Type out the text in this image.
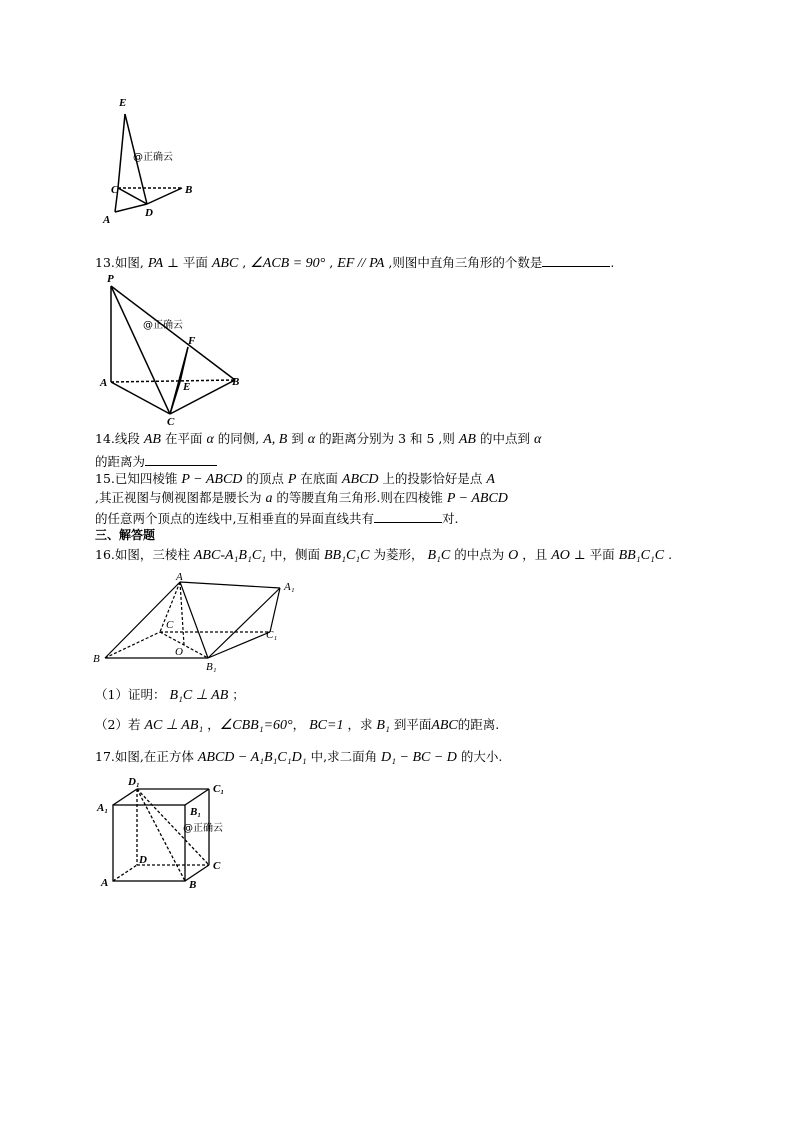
E
@正确云
C	B
D
A
13.如图, PA ⊥ 平面 ABC , ∠ACB = 90° , EF // PA ,则图中直角三角形的个数是	.
P
@正确云
F
A	E	B
C
14.线段 AB 在平面 α 的同侧, A, B 到 α 的距离分别为 3 和 5 ,则 AB 的中点到 α
的距离为
15.已知四棱锥 P − ABCD 的顶点 P 在底面 ABCD 上的投影恰好是点 A
,其正视图与侧视图都是腰长为 a 的等腰直角三角形.则在四棱锥 P − ABCD
的任意两个顶点的连线中,互相垂直的异面直线共有	对.
三、解答题
16.如图，三棱柱 ABC-A₁B₁C₁ 中，侧面 BB₁C₁C 为菱形， B₁C 的中点为 O ，且 AO ⊥ 平面 BB₁C₁C .
A
A₁
C
C₁
B
O
B₁
（1）证明： B₁C ⊥ AB ；
（2）若 AC ⊥ AB₁ ，∠CBB₁=60°， BC=1 ，求 B₁ 到平面ABC的距离.
17.如图,在正方体 ABCD − A₁B₁C₁D₁ 中,求二面角 D₁ − BC − D 的大小.
D₁
C₁
A₁	B₁
@正确云
D	C
A	B
